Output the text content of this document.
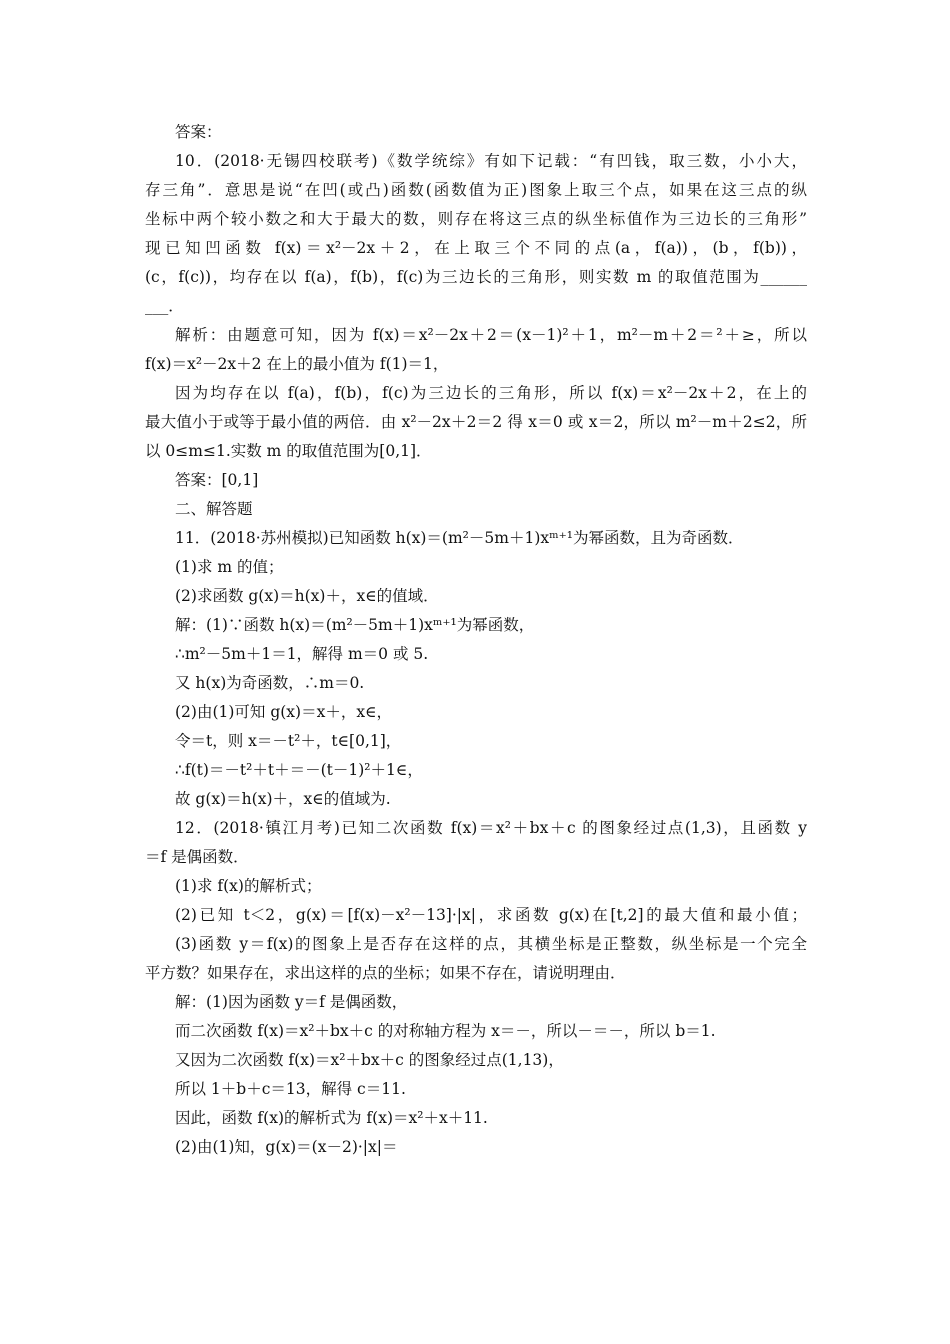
答案：
10．(2018·无锡四校联考)《数学统综》有如下记载：“有凹钱，取三数，小小大，
存三角”．意思是说“在凹(或凸)函数(函数值为正)图象上取三个点，如果在这三点的纵
坐标中两个较小数之和大于最大的数，则存在将这三点的纵坐标值作为三边长的三角形”
现已知凹函数 f(x)＝x²－2x＋2，在上取三个不同的点(a，f(a))，(b，f(b))，
(c，f(c))，均存在以 f(a)，f(b)，f(c)为三边长的三角形，则实数 m 的取值范围为______
___．
解析：由题意可知，因为 f(x)＝x²－2x＋2＝(x－1)²＋1，m²－m＋2＝²＋≥，所以
f(x)＝x²－2x＋2 在上的最小值为 f(1)＝1，
因为均存在以 f(a)，f(b)，f(c)为三边长的三角形，所以 f(x)＝x²－2x＋2，在上的
最大值小于或等于最小值的两倍．由 x²－2x＋2＝2 得 x＝0 或 x＝2，所以 m²－m＋2≤2，所
以 0≤m≤1.实数 m 的取值范围为[0,1]．
答案：[0,1]
二、解答题
11．(2018·苏州模拟)已知函数 h(x)＝(m²－5m＋1)xᵐ⁺¹为幂函数，且为奇函数．
(1)求 m 的值；
(2)求函数 g(x)＝h(x)＋，x∈的值域．
解：(1)∵函数 h(x)＝(m²－5m＋1)xᵐ⁺¹为幂函数，
∴m²－5m＋1＝1，解得 m＝0 或 5.
又 h(x)为奇函数，∴m＝0.
(2)由(1)可知 g(x)＝x＋，x∈，
令＝t，则 x＝－t²＋，t∈[0,1]，
∴f(t)＝－t²＋t＋＝－(t－1)²＋1∈，
故 g(x)＝h(x)＋，x∈的值域为.
12．(2018·镇江月考)已知二次函数 f(x)＝x²＋bx＋c 的图象经过点(1,3)，且函数 y
＝f 是偶函数．
(1)求 f(x)的解析式；
(2)已知 t＜2，g(x)＝[f(x)－x²－13]·|x|，求函数 g(x)在[t,2]的最大值和最小值；
(3)函数 y＝f(x)的图象上是否存在这样的点，其横坐标是正整数，纵坐标是一个完全
平方数？如果存在，求出这样的点的坐标；如果不存在，请说明理由．
解：(1)因为函数 y＝f 是偶函数，
而二次函数 f(x)＝x²＋bx＋c 的对称轴方程为 x＝－，所以－＝－，所以 b＝1.
又因为二次函数 f(x)＝x²＋bx＋c 的图象经过点(1,13)，
所以 1＋b＋c＝13，解得 c＝11.
因此，函数 f(x)的解析式为 f(x)＝x²＋x＋11.
(2)由(1)知，g(x)＝(x－2)·|x|＝
